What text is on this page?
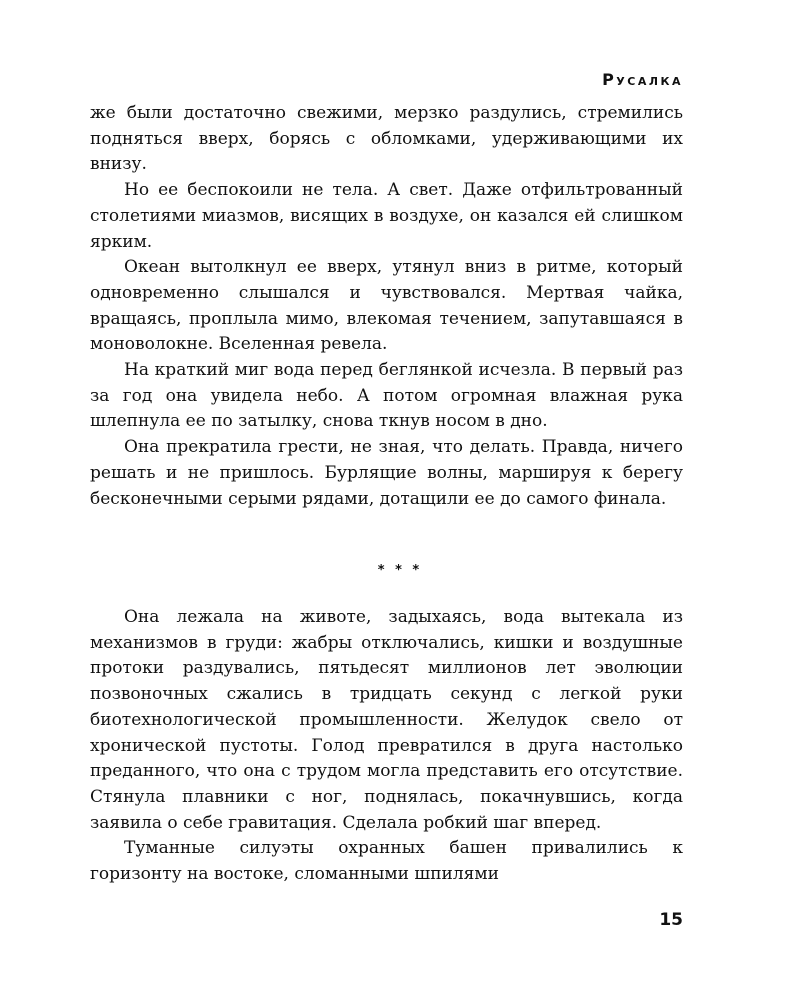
Русалка

же были достаточно свежими, мерзко раздулись, стремились подняться вверх, борясь с обломками, удерживающими их внизу.

Но ее беспокоили не тела. А свет. Даже отфильтрованный столетиями миазмов, висящих в воздухе, он казался ей слишком ярким.

Океан вытолкнул ее вверх, утянул вниз в ритме, который одновременно слышался и чувствовался. Мертвая чайка, вращаясь, проплыла мимо, влекомая течением, запутавшаяся в моноволокне. Вселенная ревела.

На краткий миг вода перед беглянкой исчезла. В первый раз за год она увидела небо. А потом огромная влажная рука шлепнула ее по затылку, снова ткнув носом в дно.

Она прекратила грести, не зная, что делать. Правда, ничего решать и не пришлось. Бурлящие волны, маршируя к берегу бесконечными серыми рядами, дотащили ее до самого финала.

* * *

Она лежала на животе, задыхаясь, вода вытекала из механизмов в груди: жабры отключались, кишки и воздушные протоки раздувались, пятьдесят миллионов лет эволюции позвоночных сжались в тридцать секунд с легкой руки биотехнологической промышленности. Желудок свело от хронической пустоты. Голод превратился в друга настолько преданного, что она с трудом могла представить его отсутствие. Стянула плавники с ног, поднялась, покачнувшись, когда заявила о себе гравитация. Сделала робкий шаг вперед.

Туманные силуэты охранных башен привалились к горизонту на востоке, сломанными шпилями

15
